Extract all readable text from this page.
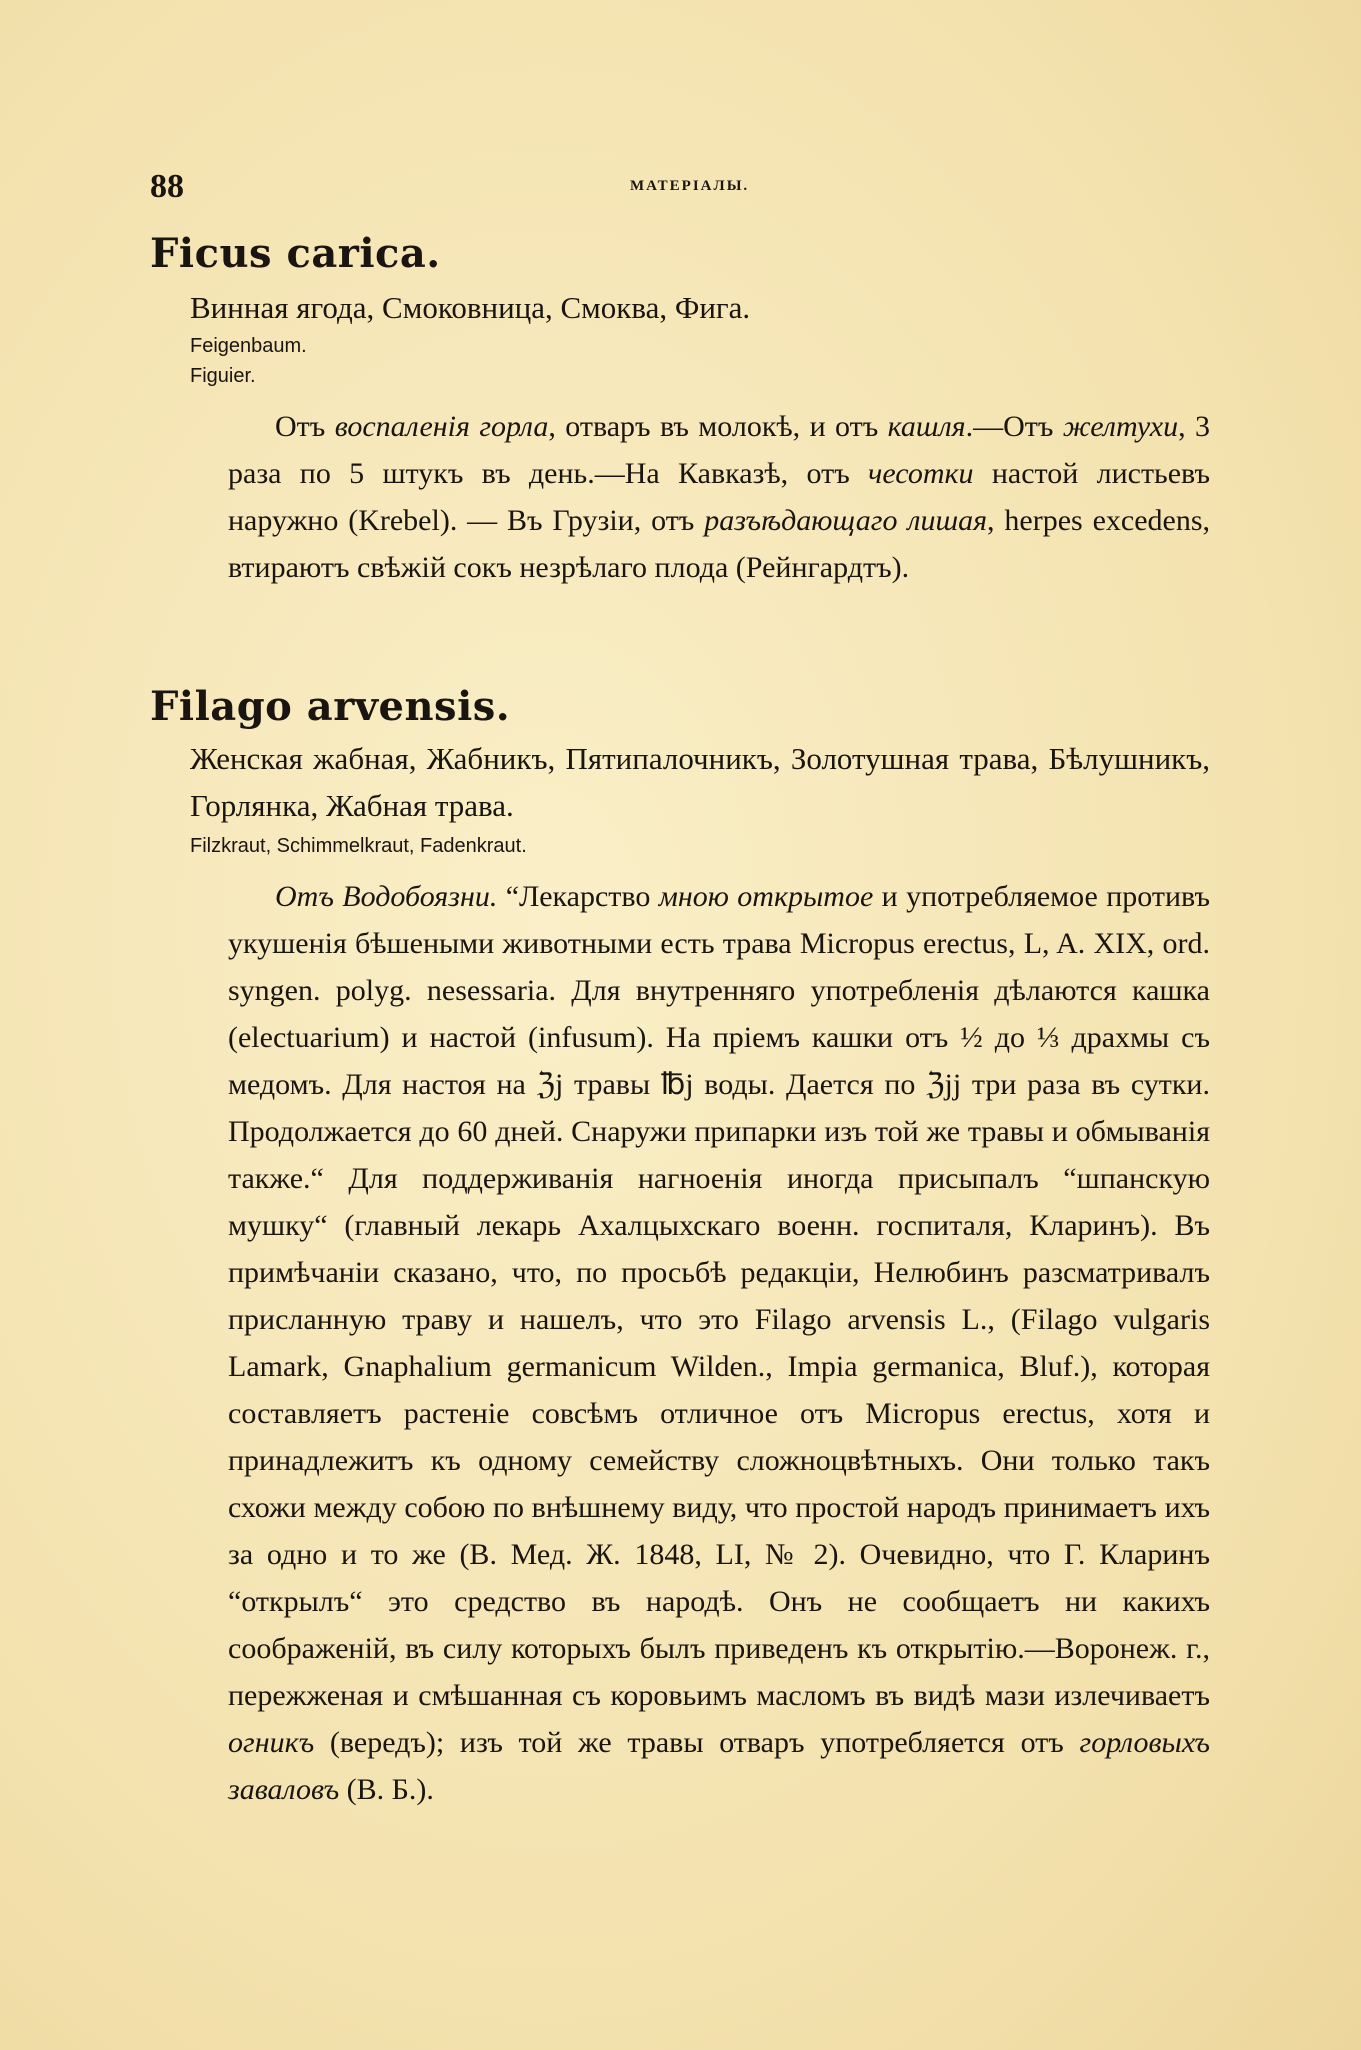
88	МАТЕРІАЛЫ.
Ficus carica.

Винная ягода, Смоковница, Смоква, Фига.

Feigenbaum.

Figuier.

Отъ воспаленія горла, отваръ въ молокѣ, и отъ кашля.—Отъ желтухи, 3 раза по 5 штукъ въ день.—На Кавказѣ, отъ чесотки настой листьевъ наружно (Krebel). — Въ Грузіи, отъ разъѣдающаго лишая, herpes excedens, втираютъ свѣжій сокъ незрѣлаго плода (Рейнгардтъ).

Filago arvensis.

Женская жабная, Жабникъ, Пятипалочникъ, Золотушная трава, Бѣлушникъ, Горлянка, Жабная трава.

Filzkraut, Schimmelkraut, Fadenkraut.

Отъ Водобоязни. “Лекарство мною открытое и употребляемое противъ укушенія бѣшеными животными есть трава Micropus erectus, L, A. XIX, ord. syngen. polyg. nesessaria. Для внутренняго употребленія дѣлаются кашка (electuarium) и настой (infusum). На пріемъ кашки отъ ½ до ⅓ драхмы съ медомъ. Для настоя на ℨj травы ℔j воды. Дается по ℨjj три раза въ сутки. Продолжается до 60 дней. Снаружи припарки изъ той же травы и обмыванія также.“ Для поддерживанія нагноенія иногда присыпалъ “шпанскую мушку“ (главный лекарь Ахалцыхскаго военн. госпиталя, Кларинъ). Въ примѣчаніи сказано, что, по просьбѣ редакціи, Нелюбинъ разсматривалъ присланную траву и нашелъ, что это Filago arvensis L., (Filago vulgaris Lamark, Gnaphalium germanicum Wilden., Impia germanica, Bluf.), которая составляетъ растеніе совсѣмъ отличное отъ Micropus erectus, хотя и принадлежитъ къ одному семейству сложноцвѣтныхъ. Они только такъ схожи между собою по внѣшнему виду, что простой народъ принимаетъ ихъ за одно и то же (В. Мед. Ж. 1848, LI, № 2). Очевидно, что Г. Кларинъ “открылъ“ это средство въ народѣ. Онъ не сообщаетъ ни какихъ соображеній, въ силу которыхъ былъ приведенъ къ открытію.—Воронеж. г., пережженая и смѣшанная съ коровьимъ масломъ въ видѣ мази излечиваетъ огникъ (вередъ); изъ той же травы отваръ употребляется отъ горловыхъ заваловъ (В. Б.).
